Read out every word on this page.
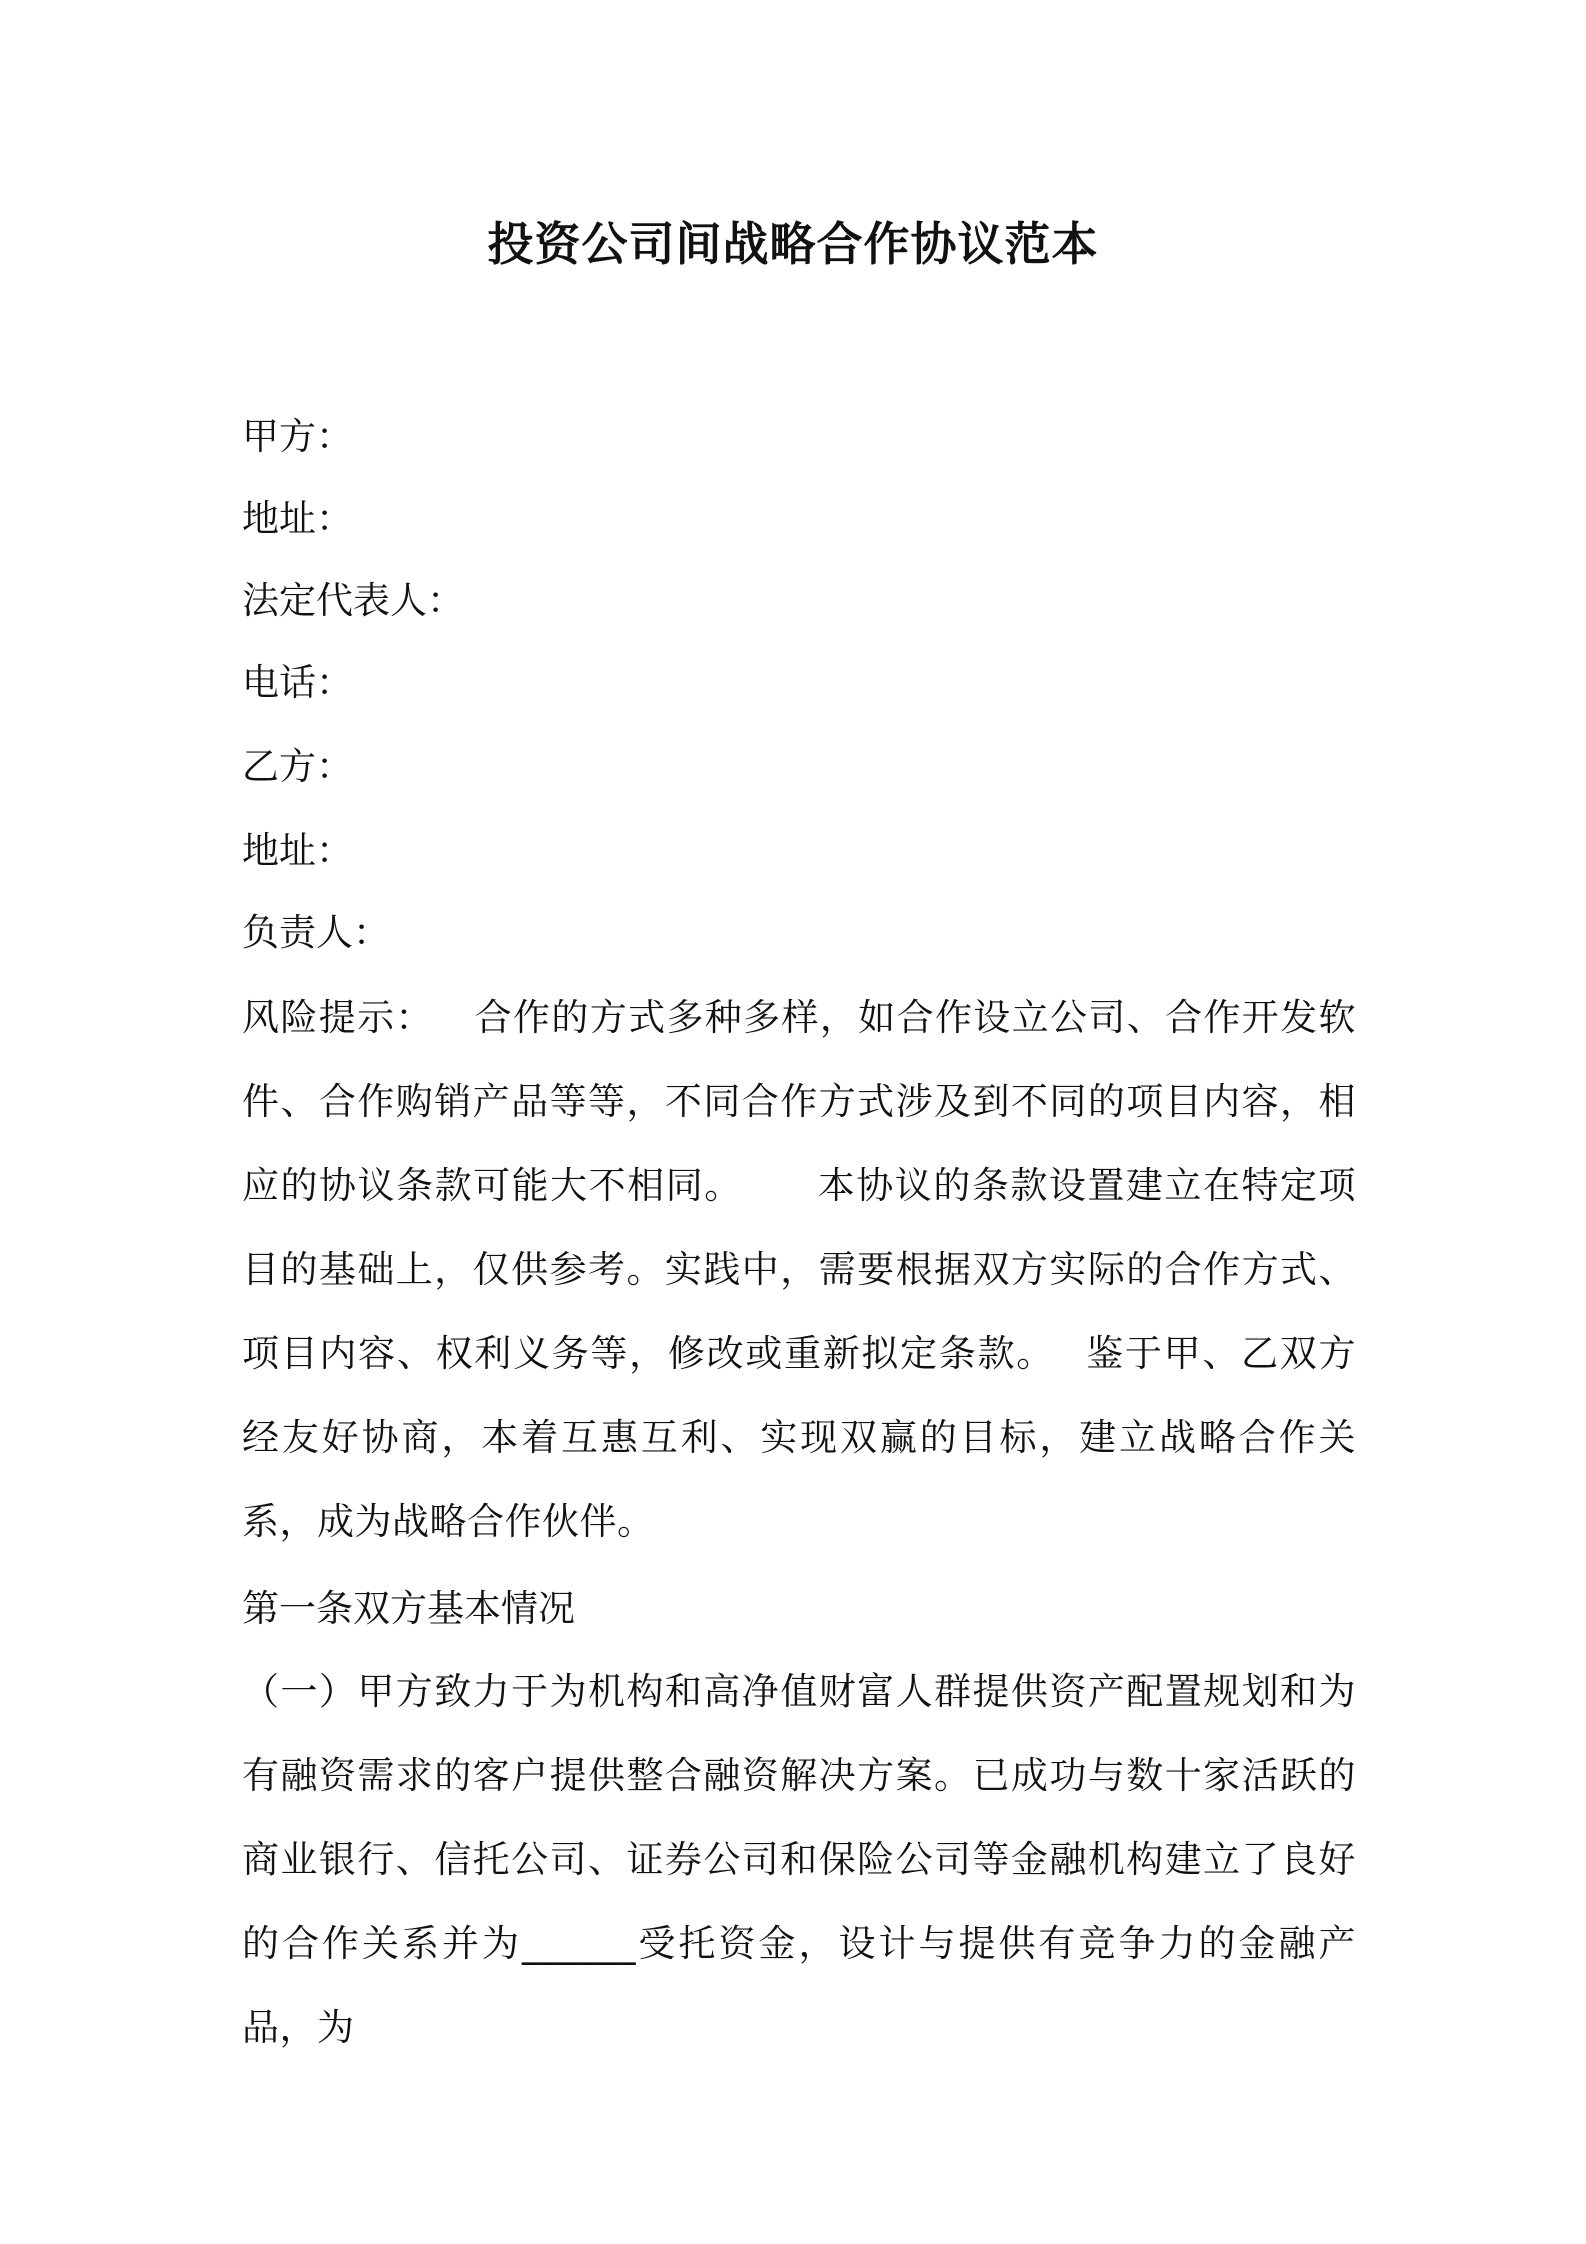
投资公司间战略合作协议范本
甲方：
地址：
法定代表人：
电话：
乙方：
地址：
负责人：
风险提示： 合作的方式多种多样，如合作设立公司、合作开发软件、合作购销产品等等，不同合作方式涉及到不同的项目内容，相应的协议条款可能大不相同。 本协议的条款设置建立在特定项目的基础上，仅供参考。实践中，需要根据双方实际的合作方式、项目内容、权利义务等，修改或重新拟定条款。 鉴于甲、乙双方经友好协商，本着互惠互利、实现双赢的目标，建立战略合作关系，成为战略合作伙伴。
第一条双方基本情况
（一）甲方致力于为机构和高净值财富人群提供资产配置规划和为有融资需求的客户提供整合融资解决方案。已成功与数十家活跃的商业银行、信托公司、证券公司和保险公司等金融机构建立了良好的合作关系并为______受托资金，设计与提供有竞争力的金融产品，为
